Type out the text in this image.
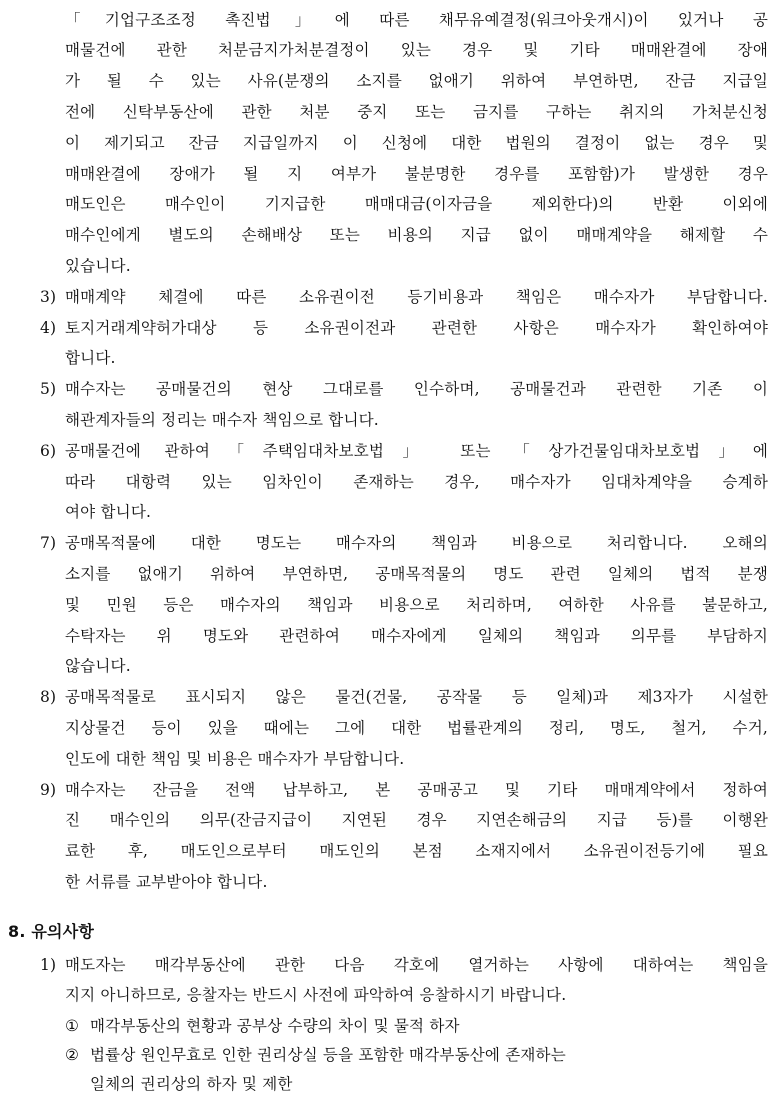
「기업구조조정 촉진법」에 따른 채무유예결정(워크아웃개시)이 있거나 공
매물건에 관한 처분금지가처분결정이 있는 경우 및 기타 매매완결에 장애
가 될 수 있는 사유(분쟁의 소지를 없애기 위하여 부연하면, 잔금 지급일
전에 신탁부동산에 관한 처분 중지 또는 금지를 구하는 취지의 가처분신청
이 제기되고 잔금 지급일까지 이 신청에 대한 법원의 결정이 없는 경우 및
매매완결에 장애가 될 지 여부가 불분명한 경우를 포함함)가 발생한 경우
매도인은 매수인이 기지급한 매매대금(이자금을 제외한다)의 반환 이외에
매수인에게 별도의 손해배상 또는 비용의 지급 없이 매매계약을 해제할 수
있습니다.
3) 매매계약 체결에 따른 소유권이전 등기비용과 책임은 매수자가 부담합니다.
4) 토지거래계약허가대상 등 소유권이전과 관련한 사항은 매수자가 확인하여야
합니다.
5) 매수자는 공매물건의 현상 그대로를 인수하며, 공매물건과 관련한 기존 이
해관계자들의 정리는 매수자 책임으로 합니다.
6) 공매물건에 관하여「주택임대차보호법」 또는 「상가건물임대차보호법」에
따라 대항력 있는 임차인이 존재하는 경우, 매수자가 임대차계약을 승계하
여야 합니다.
7) 공매목적물에 대한 명도는 매수자의 책임과 비용으로 처리합니다. 오해의
소지를 없애기 위하여 부연하면, 공매목적물의 명도 관련 일체의 법적 분쟁
및 민원 등은 매수자의 책임과 비용으로 처리하며, 여하한 사유를 불문하고,
수탁자는 위 명도와 관련하여 매수자에게 일체의 책임과 의무를 부담하지
않습니다.
8) 공매목적물로 표시되지 않은 물건(건물, 공작물 등 일체)과 제3자가 시설한
지상물건 등이 있을 때에는 그에 대한 법률관계의 정리, 명도, 철거, 수거,
인도에 대한 책임 및 비용은 매수자가 부담합니다.
9) 매수자는 잔금을 전액 납부하고, 본 공매공고 및 기타 매매계약에서 정하여
진 매수인의 의무(잔금지급이 지연된 경우 지연손해금의 지급 등)를 이행완
료한 후, 매도인으로부터 매도인의 본점 소재지에서 소유권이전등기에 필요
한 서류를 교부받아야 합니다.
8. 유의사항
1) 매도자는 매각부동산에 관한 다음 각호에 열거하는 사항에 대하여는 책임을
지지 아니하므로, 응찰자는 반드시 사전에 파악하여 응찰하시기 바랍니다.
① 매각부동산의 현황과 공부상 수량의 차이 및 물적 하자
② 법률상 원인무효로 인한 권리상실 등을 포함한 매각부동산에 존재하는
일체의 권리상의 하자 및 제한
